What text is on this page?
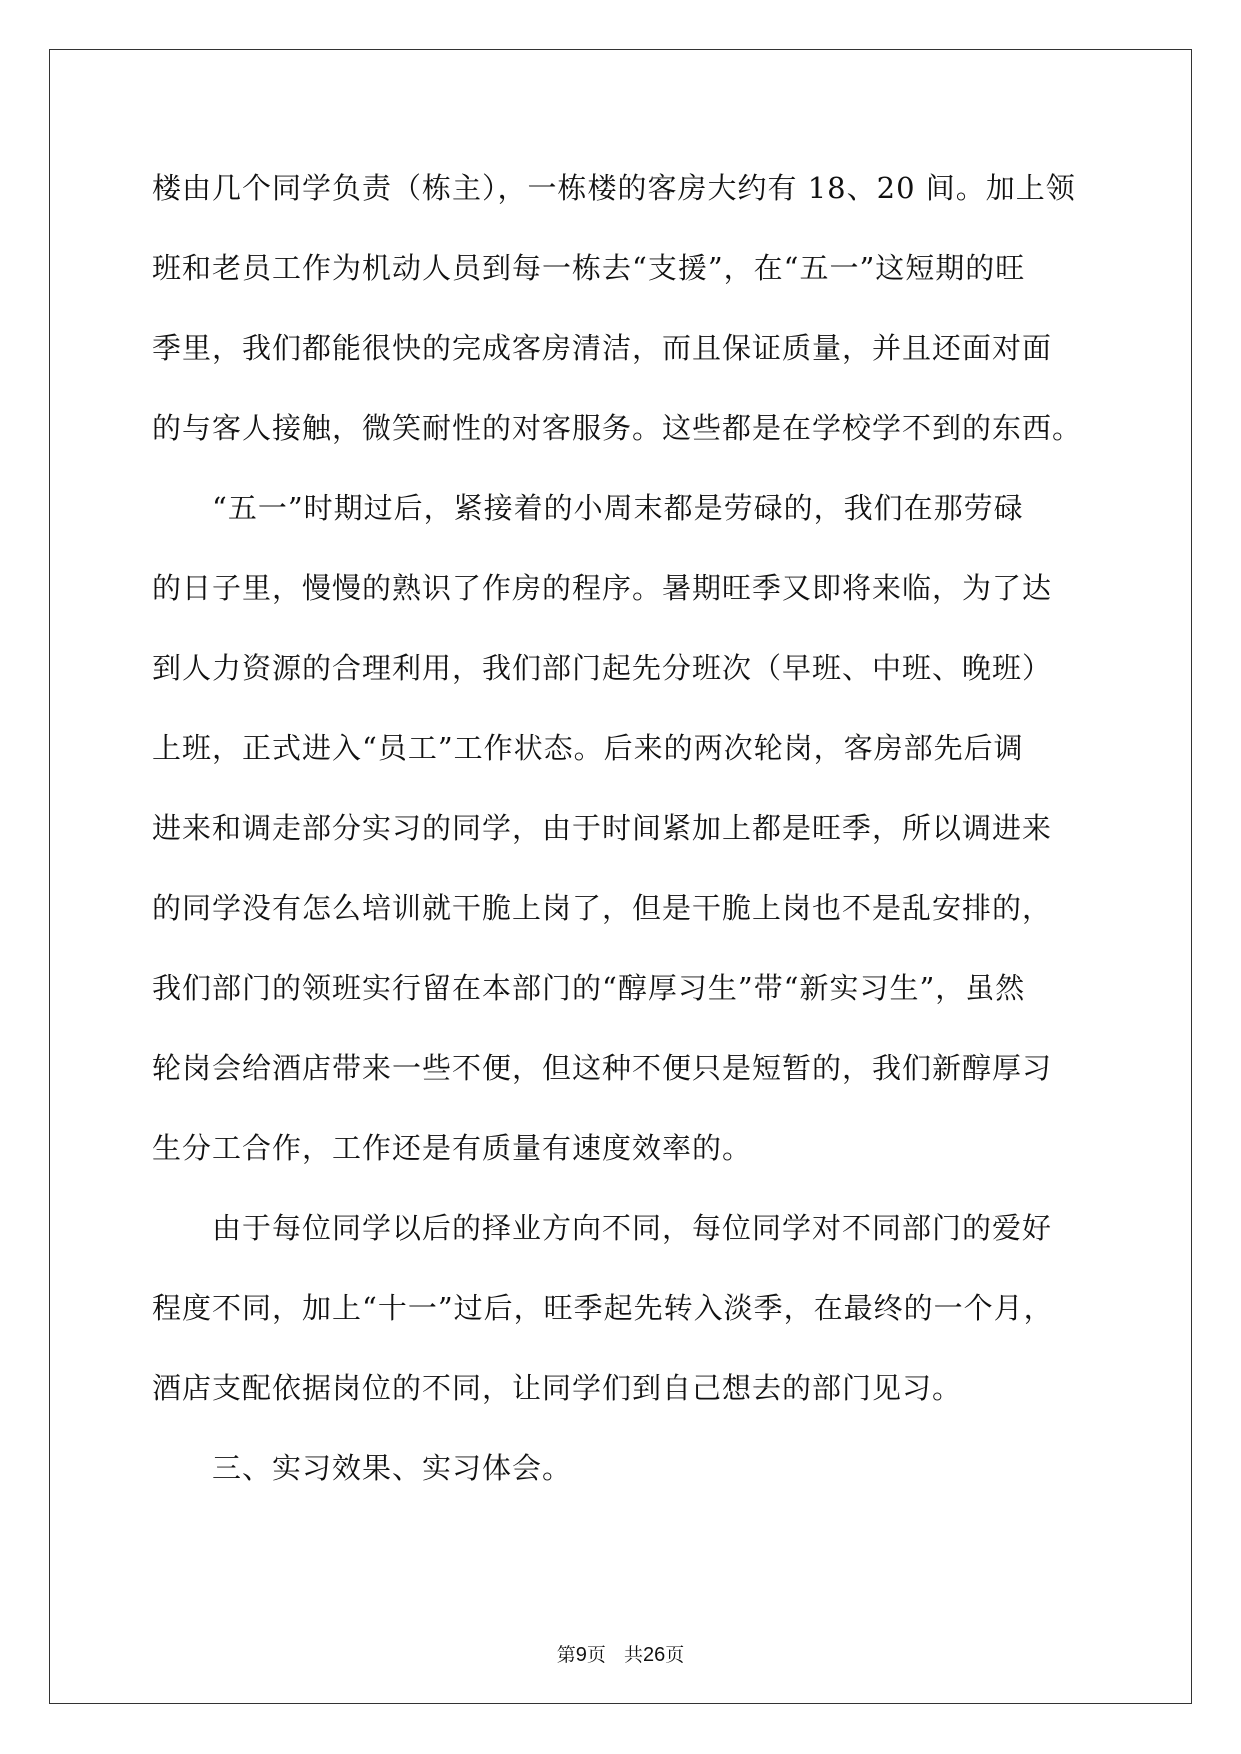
楼由几个同学负责（栋主），一栋楼的客房大约有 18、20 间。加上领
班和老员工作为机动人员到每一栋去“支援”，在“五一”这短期的旺
季里，我们都能很快的完成客房清洁，而且保证质量，并且还面对面
的与客人接触，微笑耐性的对客服务。这些都是在学校学不到的东西。
　　“五一”时期过后，紧接着的小周末都是劳碌的，我们在那劳碌
的日子里，慢慢的熟识了作房的程序。暑期旺季又即将来临，为了达
到人力资源的合理利用，我们部门起先分班次（早班、中班、晚班）
上班，正式进入“员工”工作状态。后来的两次轮岗，客房部先后调
进来和调走部分实习的同学，由于时间紧加上都是旺季，所以调进来
的同学没有怎么培训就干脆上岗了，但是干脆上岗也不是乱安排的，
我们部门的领班实行留在本部门的“醇厚习生”带“新实习生”，虽然
轮岗会给酒店带来一些不便，但这种不便只是短暂的，我们新醇厚习
生分工合作，工作还是有质量有速度效率的。
　　由于每位同学以后的择业方向不同，每位同学对不同部门的爱好
程度不同，加上“十一”过后，旺季起先转入淡季，在最终的一个月，
酒店支配依据岗位的不同，让同学们到自己想去的部门见习。
　　三、实习效果、实习体会。
第9页 共26页
